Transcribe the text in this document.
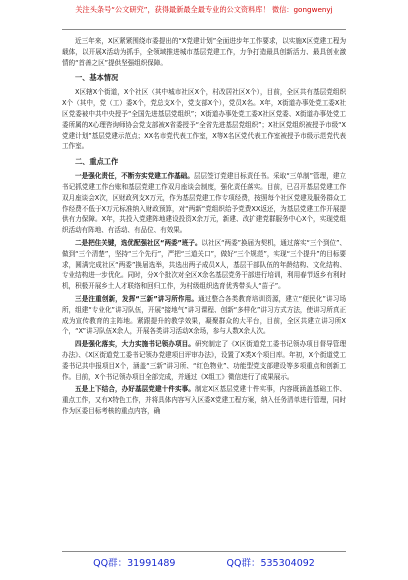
关注头条号“公文研究”，获得最新最全最专业的公文资料库！ 微信：gongwenyj

近三年来，X区紧紧围绕市委提出的“X党建计划”全面进步年工作要求，以实施X区党建工程为载体，以开展X活动为抓手，全领域推进城市基层党建工作，力争打造最具创新活力、最具创业激情的“首善之区”提供坚强组织保障。

一、基本情况

X区辖X个街道，X个社区（其中城市社区X个，村改居社区X个），目前，全区共有基层党组织X个（其中，党（工）委X个，党总支X个，党支部X个），党员X名。X年，X街道办事处党工委X社区党委被中共中央授予“全国先进基层党组织”；X街道办事处党工委X社区党委、X街道办事处党工委所属的X心理咨询师协会党支部被X省委授予“全省先进基层党组织”；X社区党组织被授予市级“X党建计划”基层党建示范点；XX名市党代表工作室，X等X名区党代表工作室被授予市级示范党代表工作室。

二、重点工作

一是强化责任，不断夯实党建工作基础。层层签订党建目标责任书。采取“三单制”管理，建立书记抓党建工作台账和基层党建工作双月座谈会制度，强化责任落实。目前，已召开基层党建工作双月座谈会X次，区财政列支X万元，作为基层党建工作专项经费，按照每个社区党建及服务群众工作经费不低于X万元标准纳入财政预算，对“两新”党组织给予党费XX返还，为基层党建工作开展提供有力保障。X年，共投入党建阵地建设投资X余万元，新建、改扩建党群服务中心X个，实现党组织活动有阵地、有活动、有品位、有效果。

二是把住关键，选优配强社区“两委”班子。以社区“两委”换届为契机，通过落实“三个到位”、做到“三个清楚”，坚持“三个先行”，严把“三道关口”，做好“三个规范”，实现“三个提升”的目标要求，圆满完成社区“两委”换届选举，共选出两子成员X人，基层干部队伍的年龄结构、文化结构、专业结构进一步优化。同时，分X个批次对全区X余名基层党务干部进行培训，利用春节返乡有利时机，积极开展乡土人才联络和回归工作，为村级组织选育优秀带头人“苗子”。

三是注重创新，发挥“三新”讲习所作用。通过整合各类教育培训资源，建立“便民化”讲习场所，组建“专业化”讲习队伍，开展“接地气”讲习课程、创新“多样化”讲习方式方法，使讲习所真正成为宣传教育的主阵地。紧跟提升的教学效果，凝聚群众的大平台，目前，全区共建立讲习所X个，“X”讲习队伍X余人，开展各类讲习活动X余场，参与人数X余人次。

四是强化落实，大力实施书记领办项目。研究制定了《X区街道党工委书记领办项目督导管理办法》、《X区街道党工委书记领办党建项目评审办法》，设置了X类X个项目库。年初，X个街道党工委书记共申报项目X个，涵盖“三新”讲习所、“红色物业”、功能型党支部建设等多项重点和创新工作。目前，X个书记领办项目全部完成，并通过《X组工》微信进行了成果展示。

五是上下结合，办好基层党建十件实事。制定X区基层党建十件实事，内容既涵盖基础工作、重点工作，又有X特色工作，并将具体内容写入区委X党建工程方案，纳入任务清单进行管理，同时作为区委目标考核的重点内容，确

QQ群：31991489	QQ群：535304092
